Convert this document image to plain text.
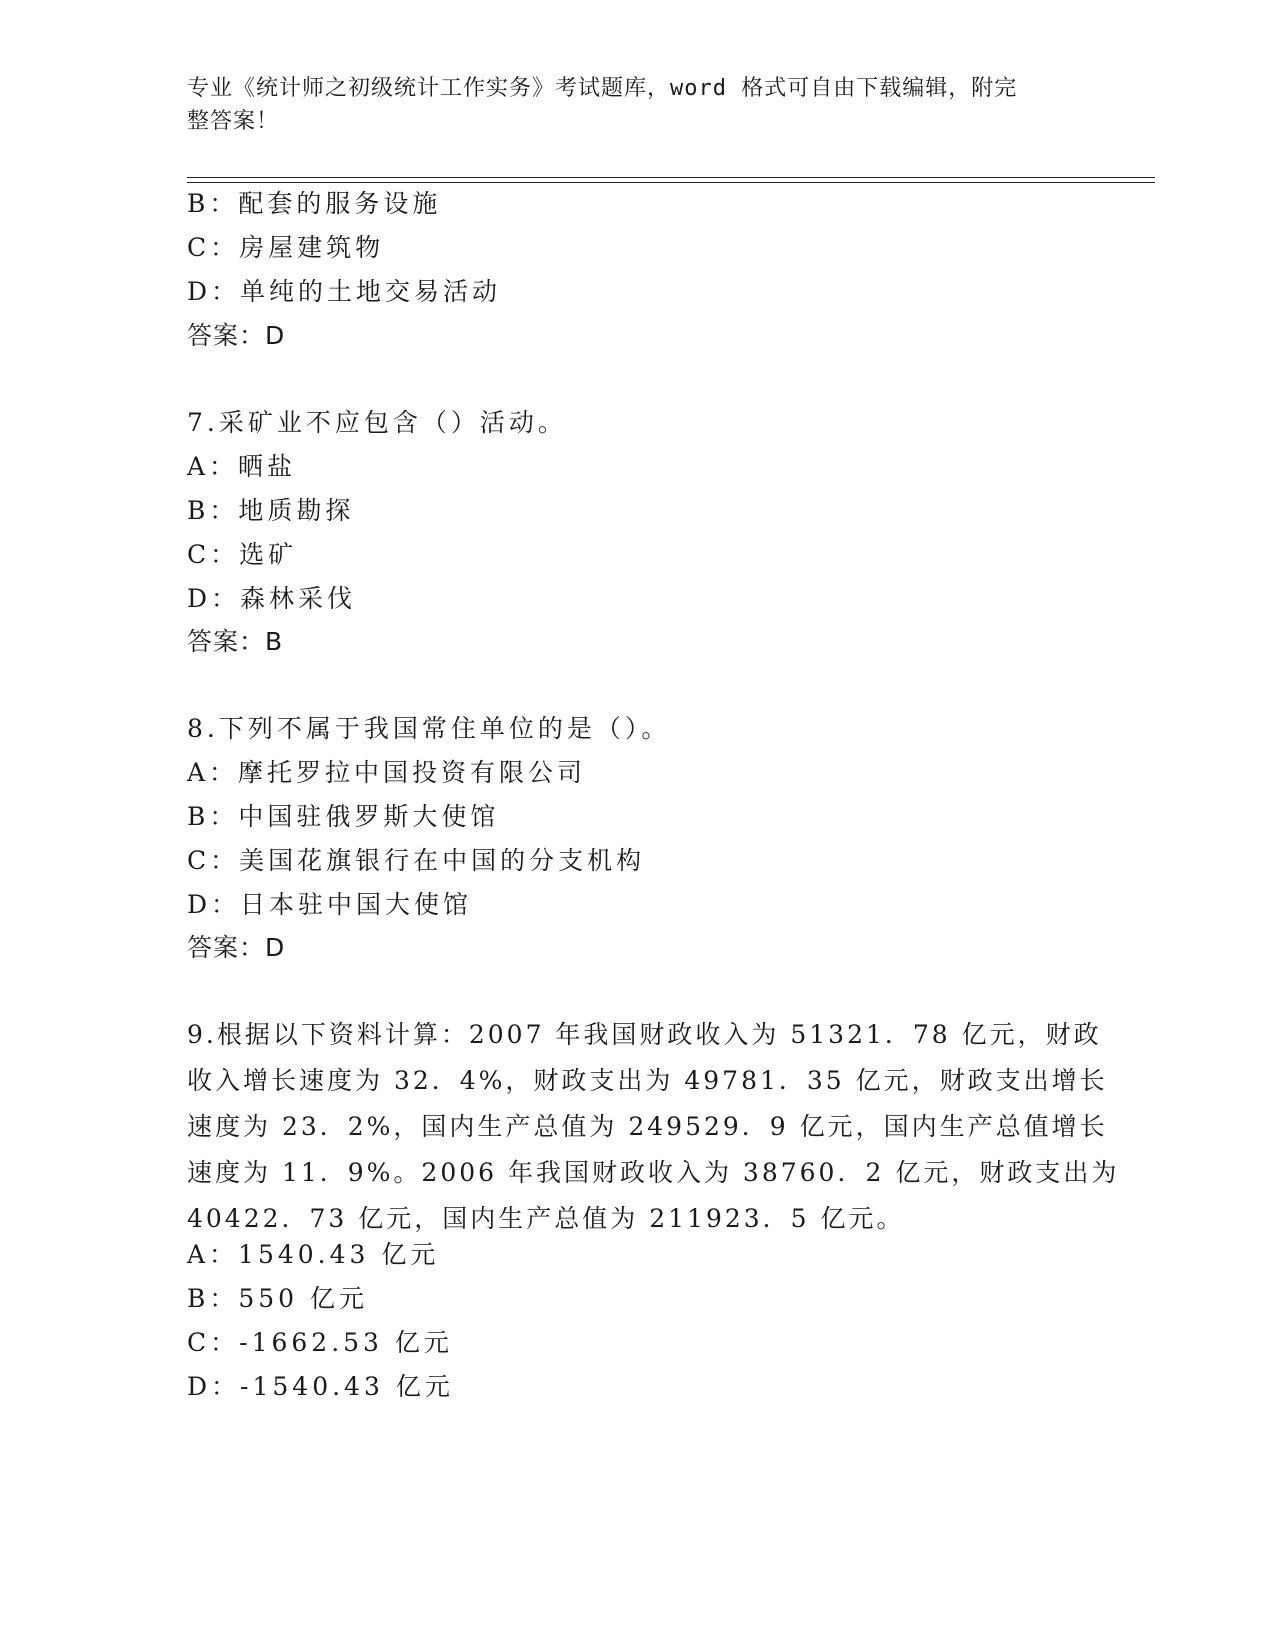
专业《统计师之初级统计工作实务》考试题库，word 格式可自由下载编辑，附完
整答案！
B：配套的服务设施
C：房屋建筑物
D：单纯的土地交易活动
答案：D
7.采矿业不应包含（）活动。
A：晒盐
B：地质勘探
C：选矿
D：森林采伐
答案：B
8.下列不属于我国常住单位的是（）。
A：摩托罗拉中国投资有限公司
B：中国驻俄罗斯大使馆
C：美国花旗银行在中国的分支机构
D：日本驻中国大使馆
答案：D
9.根据以下资料计算：2007 年我国财政收入为 51321．78 亿元，财政
收入增长速度为 32．4%，财政支出为 49781．35 亿元，财政支出增长
速度为 23．2%，国内生产总值为 249529．9 亿元，国内生产总值增长
速度为 11．9%。2006 年我国财政收入为 38760．2 亿元，财政支出为
40422．73 亿元，国内生产总值为 211923．5 亿元。
A：1540.43 亿元
B：550 亿元
C：-1662.53 亿元
D：-1540.43 亿元
